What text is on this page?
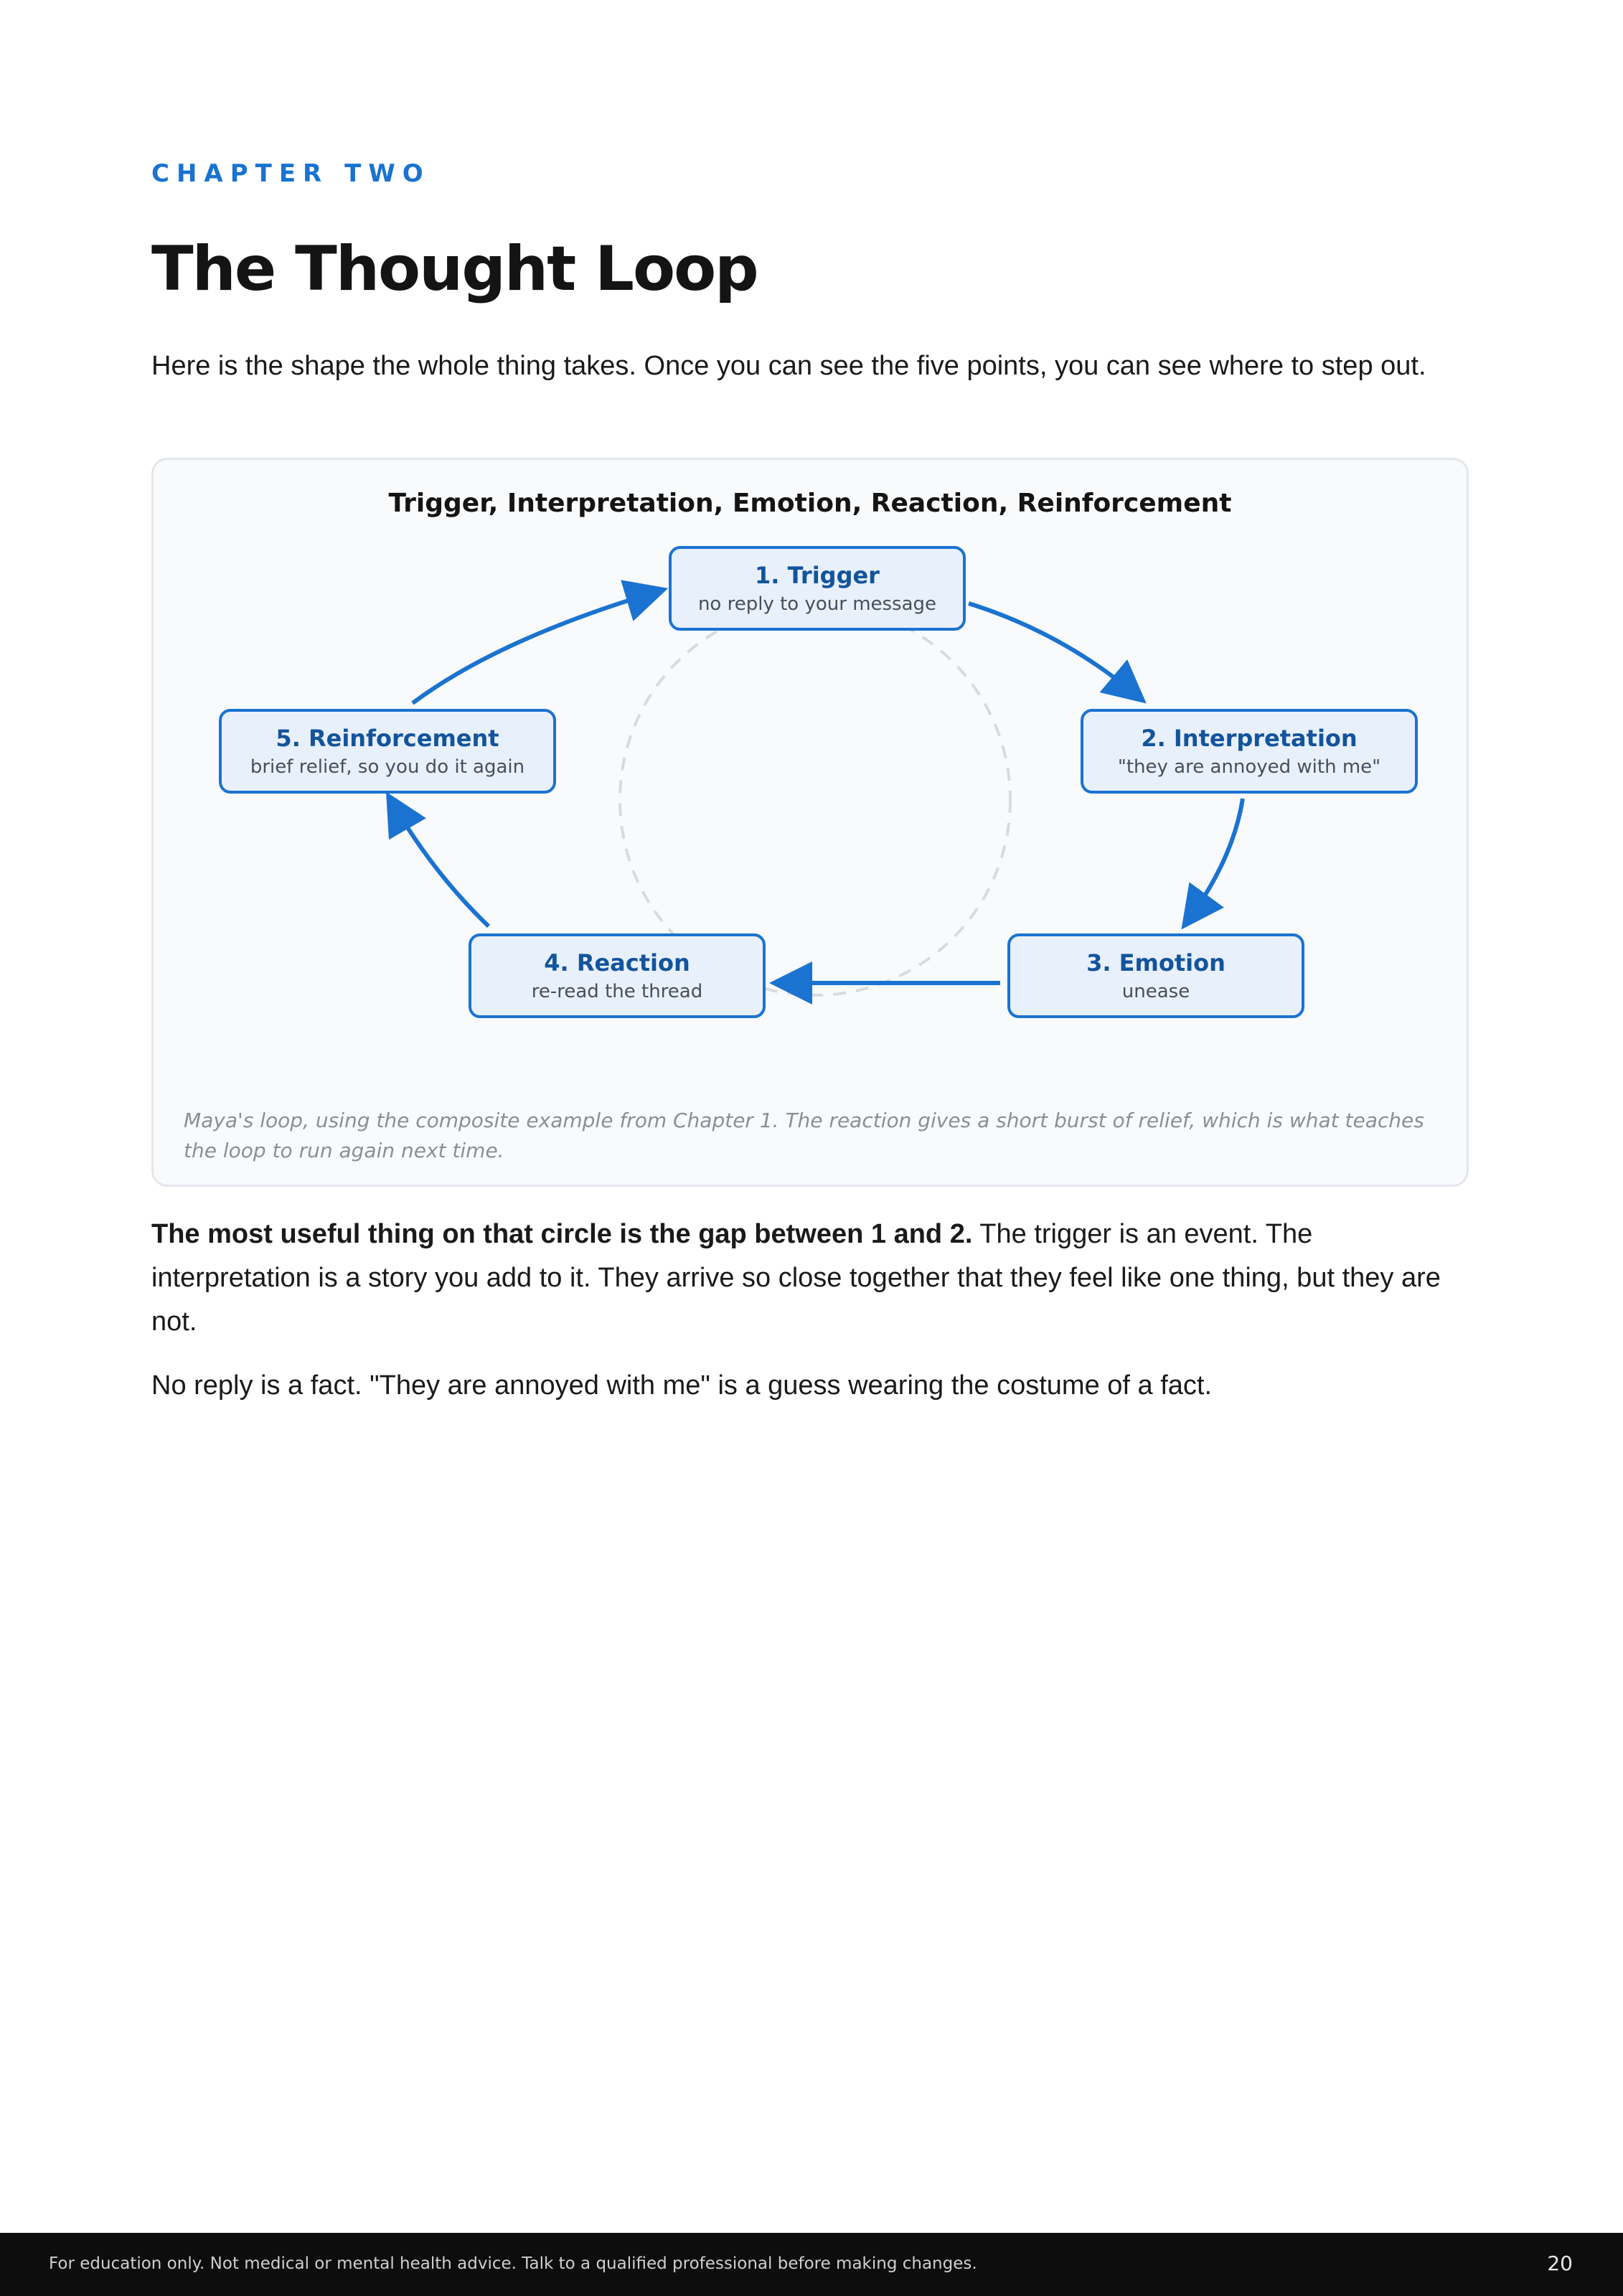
CHAPTER TWO
The Thought Loop

Here is the shape the whole thing takes. Once you can see the five points, you can see where to step out.

Trigger, Interpretation, Emotion, Reaction, Reinforcement
1. Trigger
no reply to your message
2. Interpretation
"they are annoyed with me"
3. Emotion
unease
4. Reaction
re-read the thread
5. Reinforcement
brief relief, so you do it again

Maya's loop, using the composite example from Chapter 1. The reaction gives a short burst of relief, which is what teaches the loop to run again next time.

The most useful thing on that circle is the gap between 1 and 2. The trigger is an event. The interpretation is a story you add to it. They arrive so close together that they feel like one thing, but they are not.

No reply is a fact. "They are annoyed with me" is a guess wearing the costume of a fact.

For education only. Not medical or mental health advice. Talk to a qualified professional before making changes.	20
